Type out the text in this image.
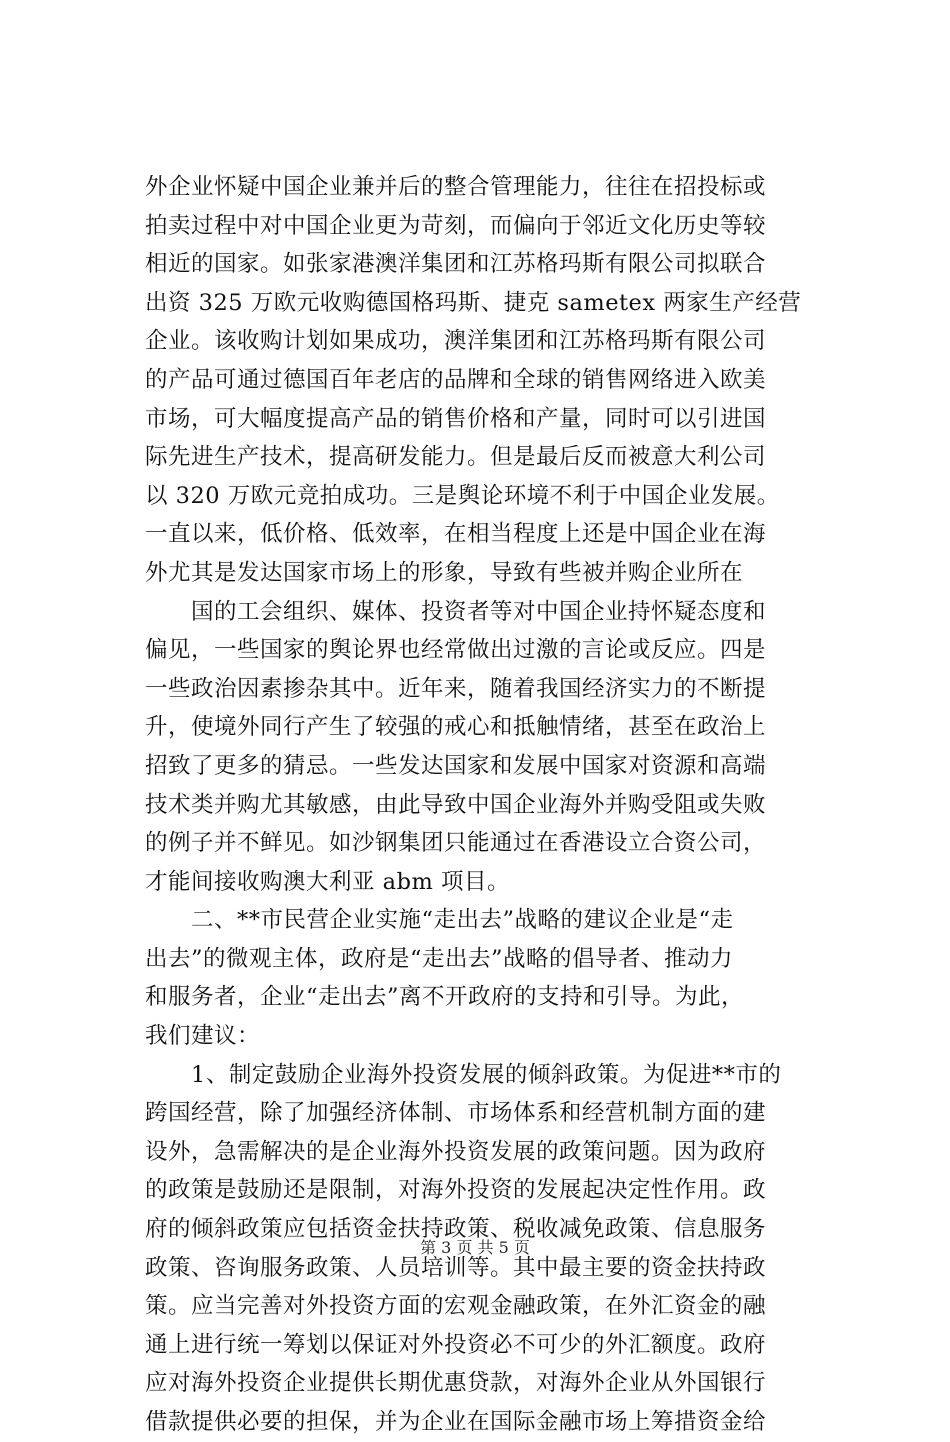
外企业怀疑中国企业兼并后的整合管理能力，往往在招投标或
拍卖过程中对中国企业更为苛刻，而偏向于邻近文化历史等较
相近的国家。如张家港澳洋集团和江苏格玛斯有限公司拟联合
出资 325 万欧元收购德国格玛斯、捷克 sametex 两家生产经营
企业。该收购计划如果成功，澳洋集团和江苏格玛斯有限公司
的产品可通过德国百年老店的品牌和全球的销售网络进入欧美
市场，可大幅度提高产品的销售价格和产量，同时可以引进国
际先进生产技术，提高研发能力。但是最后反而被意大利公司
以 320 万欧元竞拍成功。三是舆论环境不利于中国企业发展。
一直以来，低价格、低效率，在相当程度上还是中国企业在海
外尤其是发达国家市场上的形象，导致有些被并购企业所在
　　国的工会组织、媒体、投资者等对中国企业持怀疑态度和
偏见，一些国家的舆论界也经常做出过激的言论或反应。四是
一些政治因素掺杂其中。近年来，随着我国经济实力的不断提
升，使境外同行产生了较强的戒心和抵触情绪，甚至在政治上
招致了更多的猜忌。一些发达国家和发展中国家对资源和高端
技术类并购尤其敏感，由此导致中国企业海外并购受阻或失败
的例子并不鲜见。如沙钢集团只能通过在香港设立合资公司，
才能间接收购澳大利亚 abm 项目。
　　二、**市民营企业实施“走出去”战略的建议企业是“走
出去”的微观主体，政府是“走出去”战略的倡导者、推动力
和服务者，企业“走出去”离不开政府的支持和引导。为此，
我们建议：
　　1、制定鼓励企业海外投资发展的倾斜政策。为促进**市的
跨国经营，除了加强经济体制、市场体系和经营机制方面的建
设外，急需解决的是企业海外投资发展的政策问题。因为政府
的政策是鼓励还是限制，对海外投资的发展起决定性作用。政
府的倾斜政策应包括资金扶持政策、税收减免政策、信息服务
政策、咨询服务政策、人员培训等。其中最主要的资金扶持政
策。应当完善对外投资方面的宏观金融政策，在外汇资金的融
通上进行统一筹划以保证对外投资必不可少的外汇额度。政府
应对海外投资企业提供长期优惠贷款，对海外企业从外国银行
借款提供必要的担保，并为企业在国际金融市场上筹措资金给
第 3 页 共 5 页
